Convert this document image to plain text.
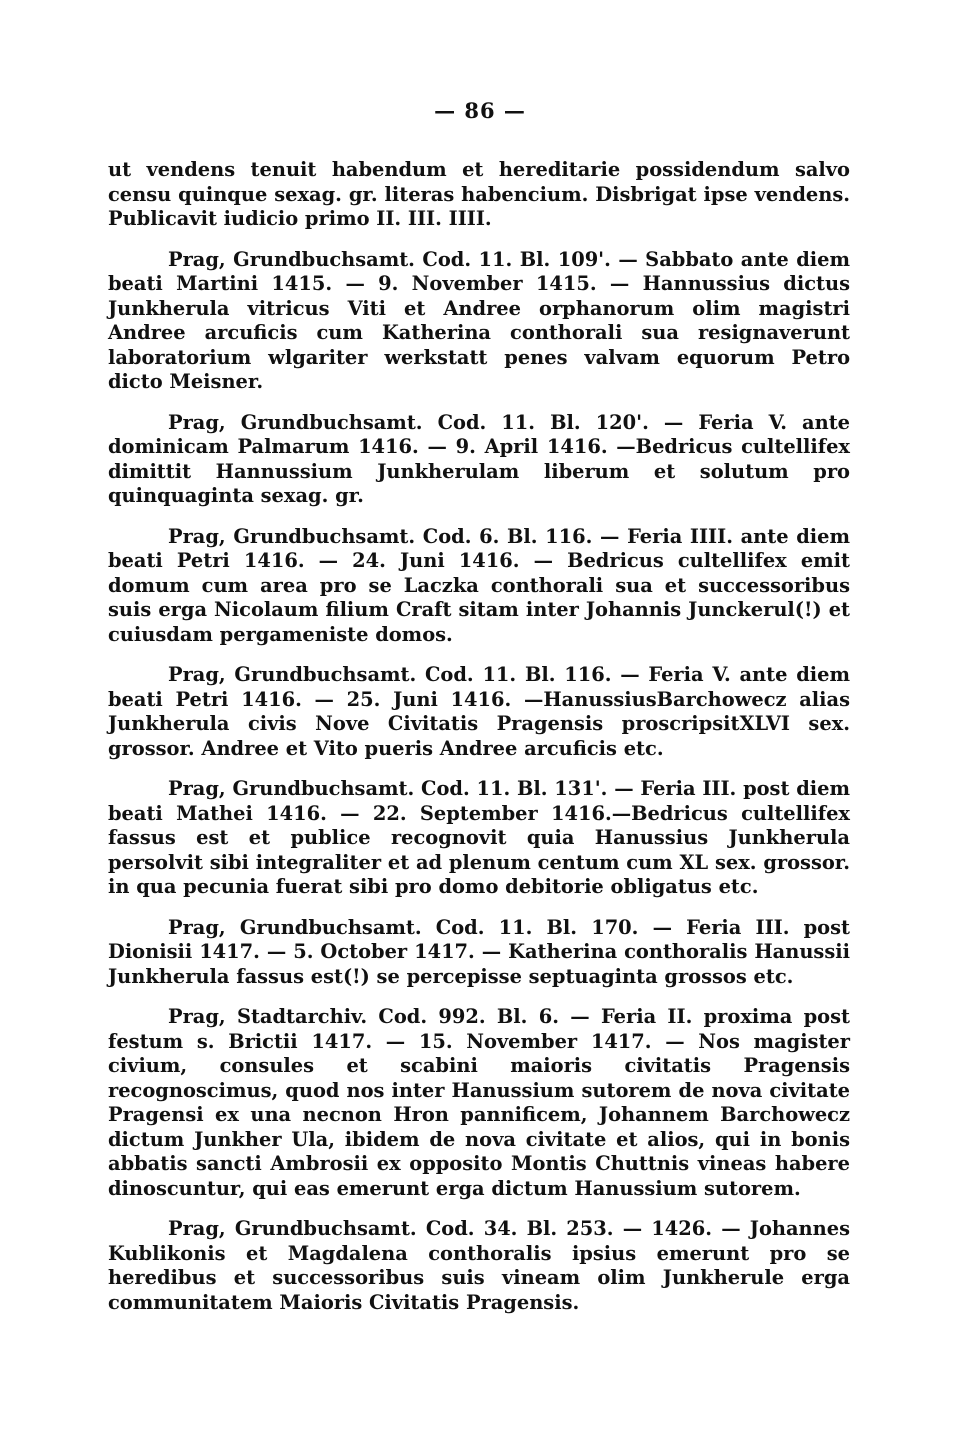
— 86 —

ut vendens tenuit habendum et hereditarie possidendum salvo censu quinque sexag. gr. literas habencium. Disbrigat ipse vendens. Publicavit iudicio primo II. III. IIII.

Prag, Grundbuchsamt. Cod. 11. Bl. 109'. — Sabbato ante diem beati Martini 1415. — 9. November 1415. — Hannussius dictus Junkherula vitricus Viti et Andree orphanorum olim magistri Andree arcuficis cum Katherina conthorali sua resignaverunt laboratorium wlgariter werkstatt penes valvam equorum Petro dicto Meisner.

Prag, Grundbuchsamt. Cod. 11. Bl. 120'. — Feria V. ante dominicam Palmarum 1416. — 9. April 1416. —Bedricus cultellifex dimittit Hannussium Junkherulam liberum et solutum pro quinquaginta sexag. gr.

Prag, Grundbuchsamt. Cod. 6. Bl. 116. — Feria IIII. ante diem beati Petri 1416. — 24. Juni 1416. — Bedricus cultellifex emit domum cum area pro se Laczka conthorali sua et successoribus suis erga Nicolaum filium Craft sitam inter Johannis Junckerul(!) et cuiusdam pergameniste domos.

Prag, Grundbuchsamt. Cod. 11. Bl. 116. — Feria V. ante diem beati Petri 1416. — 25. Juni 1416. —HanussiusBarchowecz alias Junkherula civis Nove Civitatis Pragensis proscripsitXLVI sex. grossor. Andree et Vito pueris Andree arcuficis etc.

Prag, Grundbuchsamt. Cod. 11. Bl. 131'. — Feria III. post diem beati Mathei 1416. — 22. September 1416.—Bedricus cultellifex fassus est et publice recognovit quia Hanussius Junkherula persolvit sibi integraliter et ad plenum centum cum XL sex. grossor. in qua pecunia fuerat sibi pro domo debitorie obligatus etc.

Prag, Grundbuchsamt. Cod. 11. Bl. 170. — Feria III. post Dionisii 1417. — 5. October 1417. — Katherina conthoralis Hanussii Junkherula fassus est(!) se percepisse septuaginta grossos etc.

Prag, Stadtarchiv. Cod. 992. Bl. 6. — Feria II. proxima post festum s. Brictii 1417. — 15. November 1417. — Nos magister civium, consules et scabini maioris civitatis Pragensis recognoscimus, quod nos inter Hanussium sutorem de nova civitate Pragensi ex una necnon Hron pannificem, Johannem Barchowecz dictum Junkher Ula, ibidem de nova civitate et alios, qui in bonis abbatis sancti Ambrosii ex opposito Montis Chuttnis vineas habere dinoscuntur, qui eas emerunt erga dictum Hanussium sutorem.

Prag, Grundbuchsamt. Cod. 34. Bl. 253. — 1426. — Johannes Kublikonis et Magdalena conthoralis ipsius emerunt pro se heredibus et successoribus suis vineam olim Junkherule erga communitatem Maioris Civitatis Pragensis.
